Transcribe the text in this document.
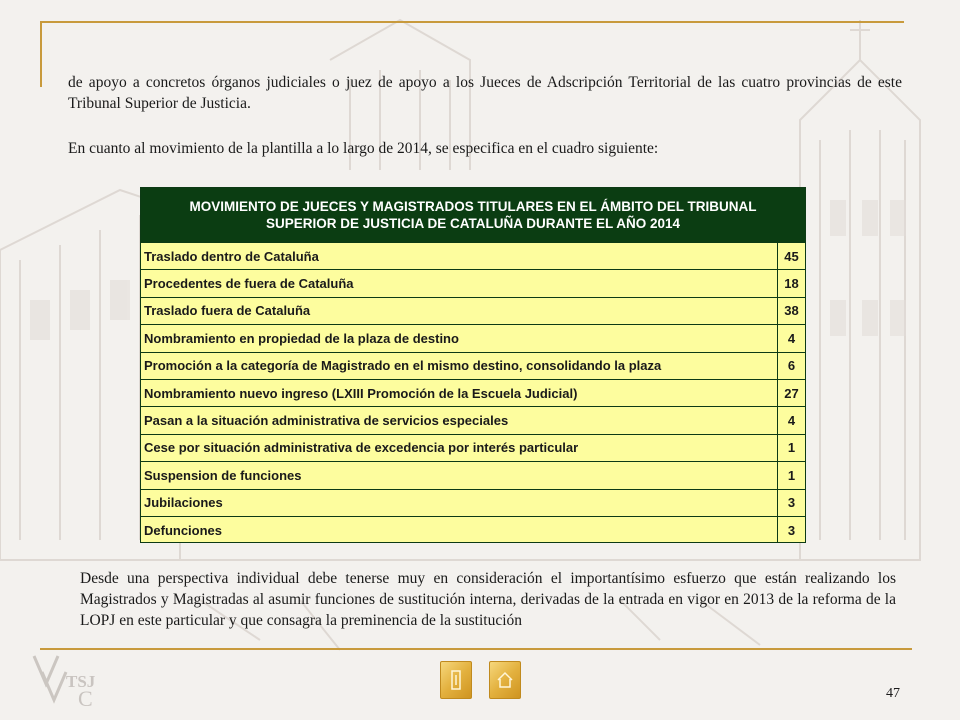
de apoyo a concretos órganos judiciales o juez de apoyo a los Jueces de Adscripción Territorial de las cuatro provincias de este Tribunal Superior de Justicia.
En cuanto al movimiento de la plantilla a lo largo de 2014, se especifica en el cuadro siguiente:
MOVIMIENTO DE JUECES Y MAGISTRADOS TITULARES EN EL ÁMBITO DEL TRIBUNAL
SUPERIOR DE JUSTICIA DE CATALUÑA DURANTE EL AÑO 2014
Traslado dentro de Cataluña	45
Procedentes de fuera de Cataluña	18
Traslado fuera de Cataluña	38
Nombramiento en propiedad de la plaza de destino	4
Promoción a la categoría de Magistrado en el mismo destino, consolidando la plaza	6
Nombramiento nuevo ingreso (LXIII Promoción de la Escuela Judicial)	27
Pasan a la situación administrativa de servicios especiales	4
Cese por situación administrativa de excedencia por interés particular	1
Suspension de funciones	1
Jubilaciones	3
Defunciones	3
Desde una perspectiva individual debe tenerse muy en consideración el importantísimo esfuerzo que están realizando los Magistrados y Magistradas al asumir funciones de sustitución interna, derivadas de la entrada en vigor en 2013 de la reforma de la LOPJ en este particular y que consagra la preminencia de la sustitución
TSJ
C	47
